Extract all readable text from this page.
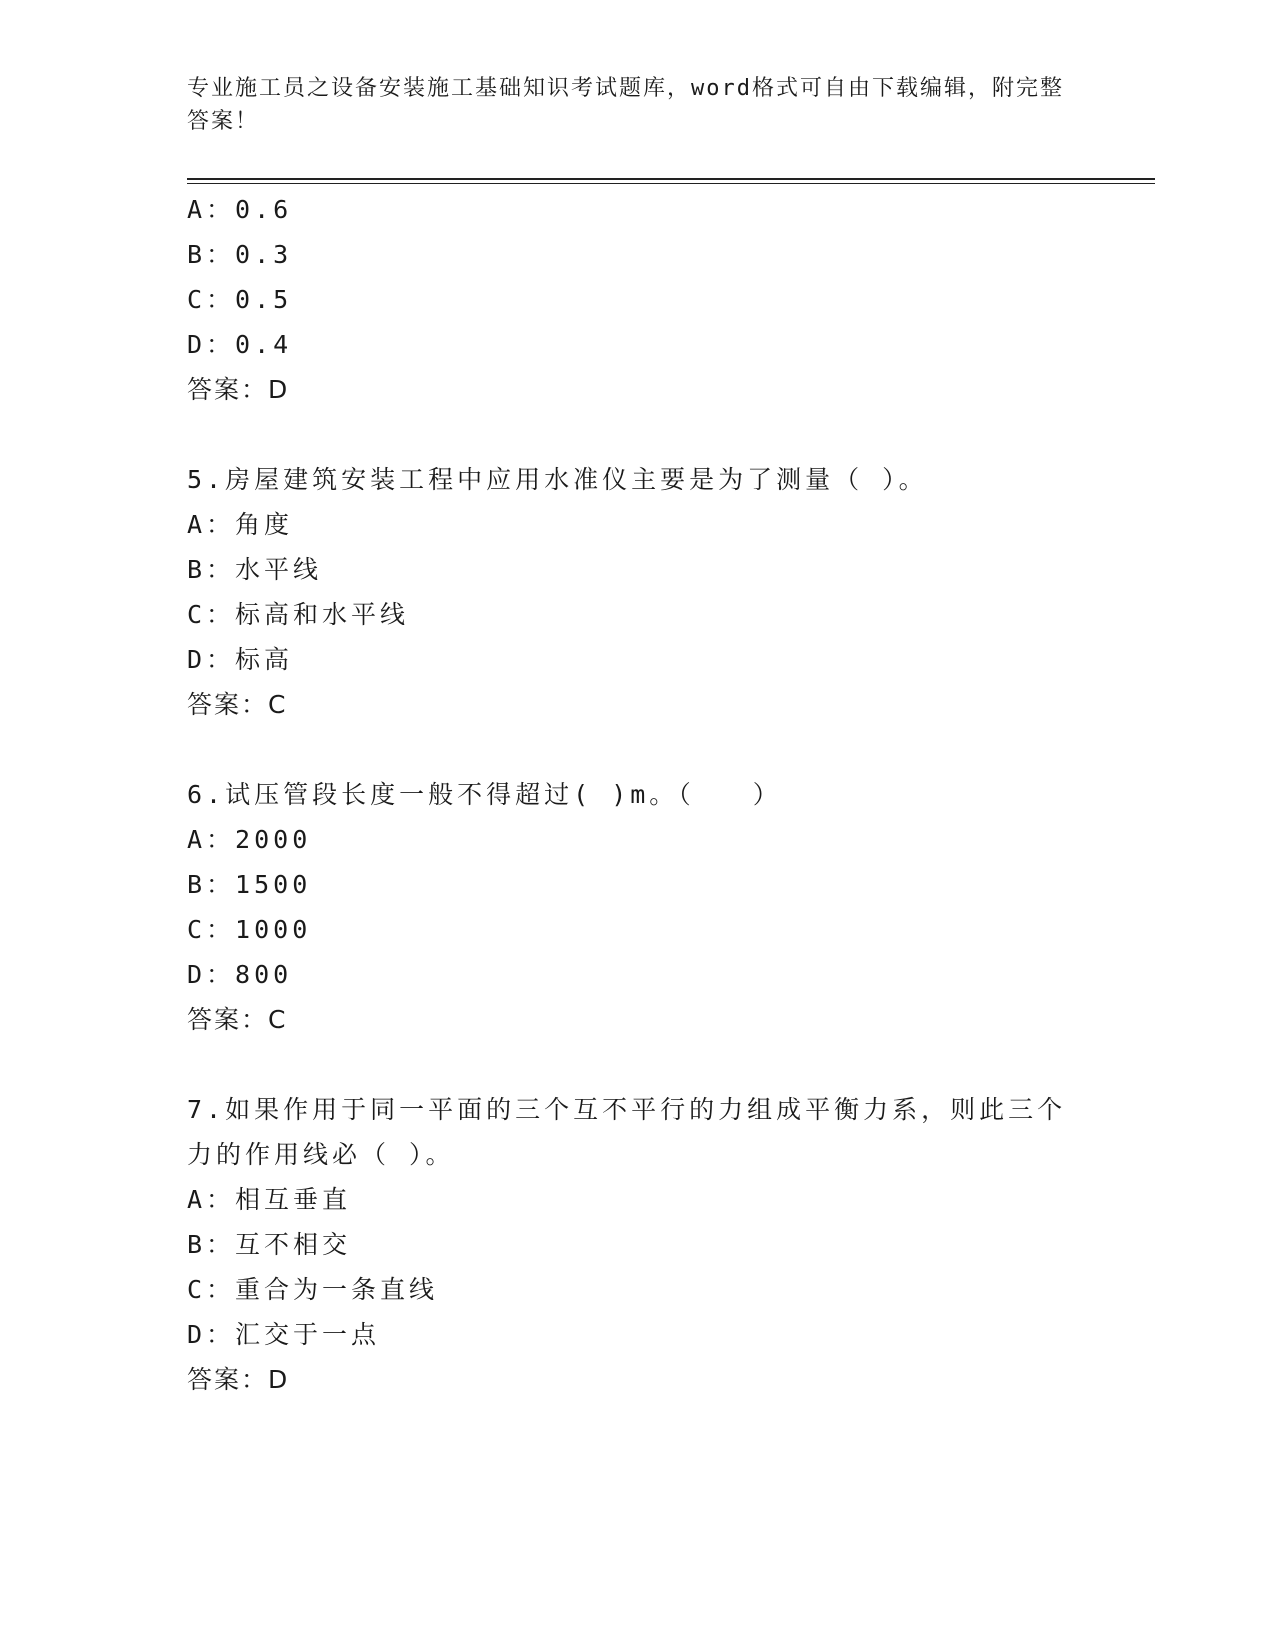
专业施工员之设备安装施工基础知识考试题库，word格式可自由下载编辑，附完整答案！
A：0.6
B：0.3
C：0.5
D：0.4
答案：D
5.房屋建筑安装工程中应用水准仪主要是为了测量（ ）。
A：角度
B：水平线
C：标高和水平线
D：标高
答案：C
6.试压管段长度一般不得超过( )m。（　　）
A：2000
B：1500
C：1000
D：800
答案：C
7.如果作用于同一平面的三个互不平行的力组成平衡力系，则此三个
力的作用线必（ ）。
A：相互垂直
B：互不相交
C：重合为一条直线
D：汇交于一点
答案：D
